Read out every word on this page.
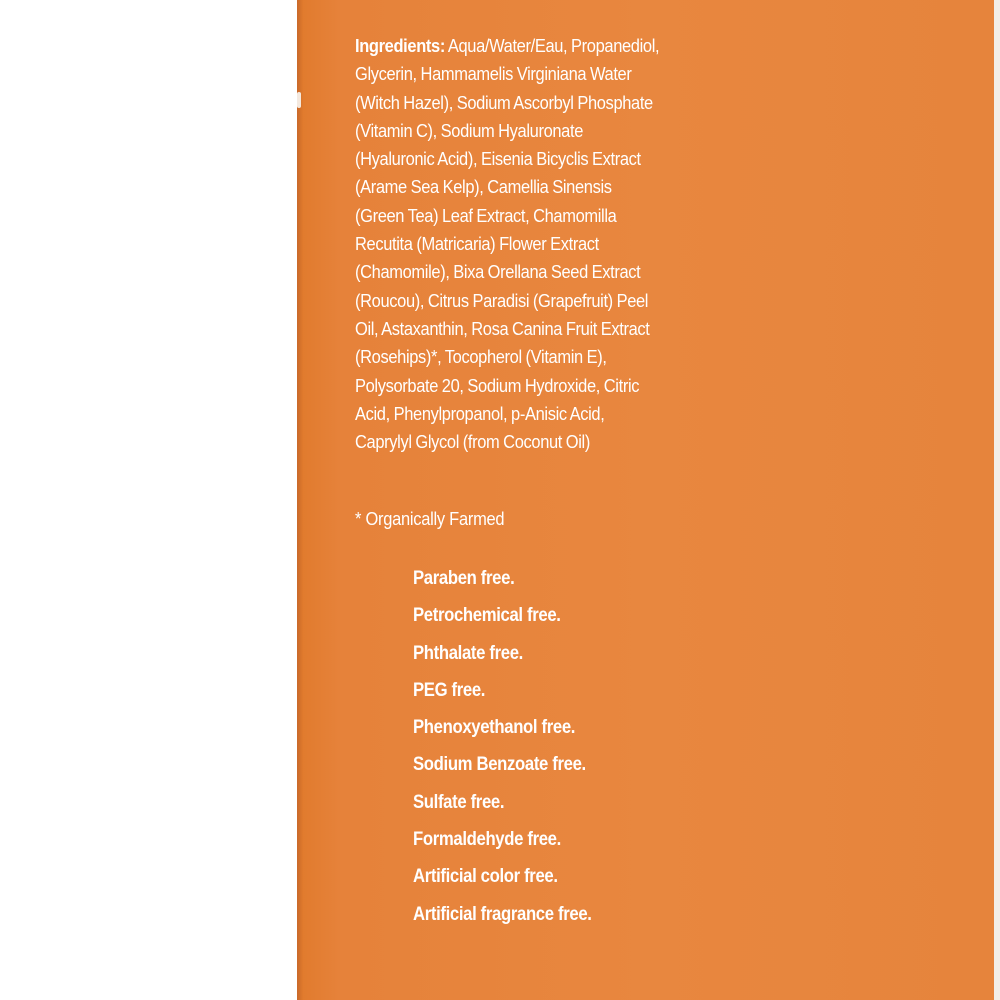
Ingredients: Aqua/Water/Eau, Propanediol, Glycerin, Hammamelis Virginiana Water (Witch Hazel), Sodium Ascorbyl Phosphate (Vitamin C), Sodium Hyaluronate (Hyaluronic Acid), Eisenia Bicyclis Extract (Arame Sea Kelp), Camellia Sinensis (Green Tea) Leaf Extract, Chamomilla Recutita (Matricaria) Flower Extract (Chamomile), Bixa Orellana Seed Extract (Roucou), Citrus Paradisi (Grapefruit) Peel Oil, Astaxanthin, Rosa Canina Fruit Extract (Rosehips)*, Tocopherol (Vitamin E), Polysorbate 20, Sodium Hydroxide, Citric Acid, Phenylpropanol, p-Anisic Acid, Caprylyl Glycol (from Coconut Oil)
* Organically Farmed
Paraben free.
Petrochemical free.
Phthalate free.
PEG free.
Phenoxyethanol free.
Sodium Benzoate free.
Sulfate free.
Formaldehyde free.
Artificial color free.
Artificial fragrance free.
